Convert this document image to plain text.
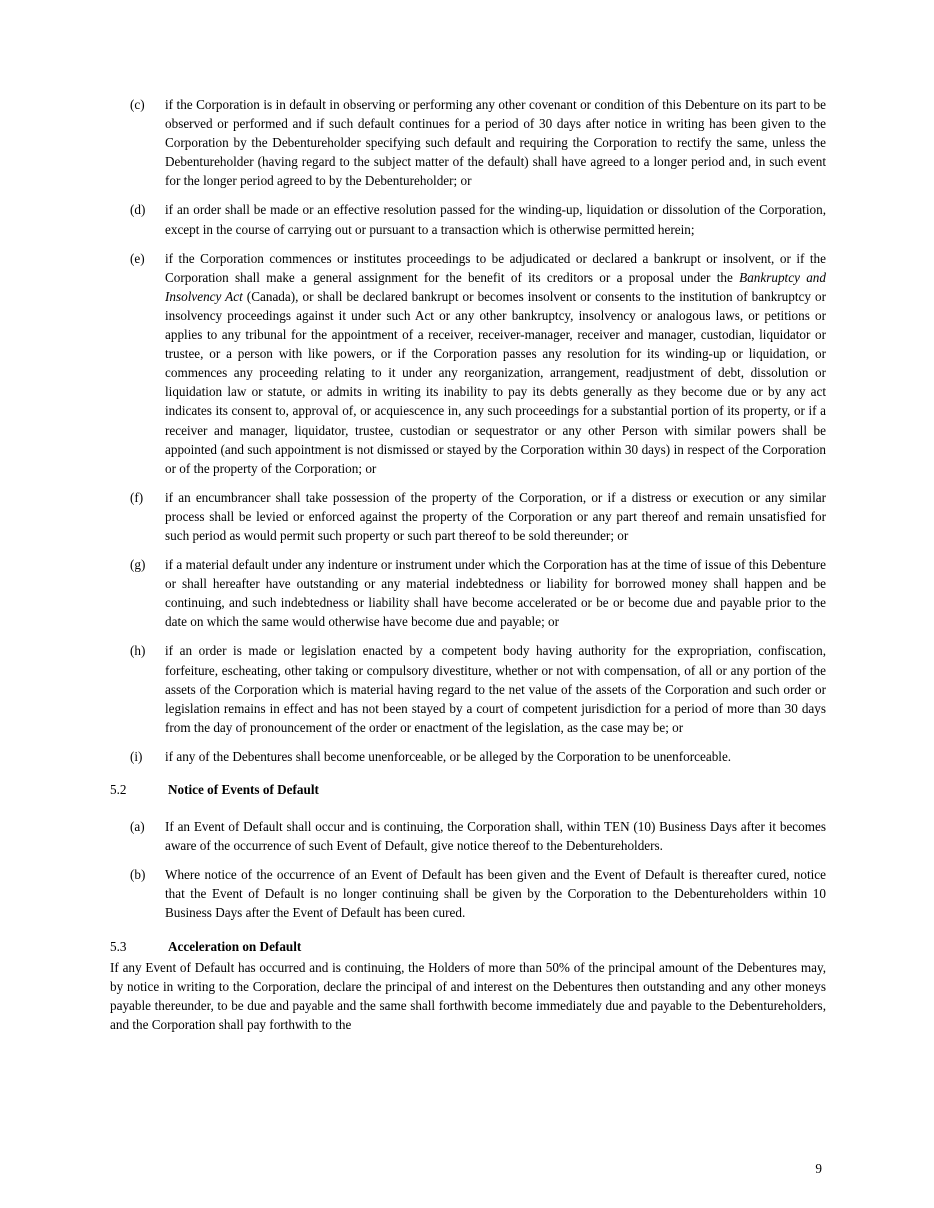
(c)	if the Corporation is in default in observing or performing any other covenant or condition of this Debenture on its part to be observed or performed and if such default continues for a period of 30 days after notice in writing has been given to the Corporation by the Debentureholder specifying such default and requiring the Corporation to rectify the same, unless the Debentureholder (having regard to the subject matter of the default) shall have agreed to a longer period and, in such event for the longer period agreed to by the Debentureholder; or

(d)	if an order shall be made or an effective resolution passed for the winding-up, liquidation or dissolution of the Corporation, except in the course of carrying out or pursuant to a transaction which is otherwise permitted herein;

(e)	if the Corporation commences or institutes proceedings to be adjudicated or declared a bankrupt or insolvent, or if the Corporation shall make a general assignment for the benefit of its creditors or a proposal under the Bankruptcy and Insolvency Act (Canada), or shall be declared bankrupt or becomes insolvent or consents to the institution of bankruptcy or insolvency proceedings against it under such Act or any other bankruptcy, insolvency or analogous laws, or petitions or applies to any tribunal for the appointment of a receiver, receiver-manager, receiver and manager, custodian, liquidator or trustee, or a person with like powers, or if the Corporation passes any resolution for its winding-up or liquidation, or commences any proceeding relating to it under any reorganization, arrangement, readjustment of debt, dissolution or liquidation law or statute, or admits in writing its inability to pay its debts generally as they become due or by any act indicates its consent to, approval of, or acquiescence in, any such proceedings for a substantial portion of its property, or if a receiver and manager, liquidator, trustee, custodian or sequestrator or any other Person with similar powers shall be appointed (and such appointment is not dismissed or stayed by the Corporation within 30 days) in respect of the Corporation or of the property of the Corporation; or

(f)	if an encumbrancer shall take possession of the property of the Corporation, or if a distress or execution or any similar process shall be levied or enforced against the property of the Corporation or any part thereof and remain unsatisfied for such period as would permit such property or such part thereof to be sold thereunder; or

(g)	if a material default under any indenture or instrument under which the Corporation has at the time of issue of this Debenture or shall hereafter have outstanding or any material indebtedness or liability for borrowed money shall happen and be continuing, and such indebtedness or liability shall have become accelerated or be or become due and payable prior to the date on which the same would otherwise have become due and payable; or

(h)	if an order is made or legislation enacted by a competent body having authority for the expropriation, confiscation, forfeiture, escheating, other taking or compulsory divestiture, whether or not with compensation, of all or any portion of the assets of the Corporation which is material having regard to the net value of the assets of the Corporation and such order or legislation remains in effect and has not been stayed by a court of competent jurisdiction for a period of more than 30 days from the day of pronouncement of the order or enactment of the legislation, as the case may be; or

(i)	if any of the Debentures shall become unenforceable, or be alleged by the Corporation to be unenforceable.

5.2	Notice of Events of Default
(a)	If an Event of Default shall occur and is continuing, the Corporation shall, within TEN (10) Business Days after it becomes aware of the occurrence of such Event of Default, give notice thereof to the Debentureholders.

(b)	Where notice of the occurrence of an Event of Default has been given and the Event of Default is thereafter cured, notice that the Event of Default is no longer continuing shall be given by the Corporation to the Debentureholders within 10 Business Days after the Event of Default has been cured.

5.3	Acceleration on Default

If any Event of Default has occurred and is continuing, the Holders of more than 50% of the principal amount of the Debentures may, by notice in writing to the Corporation, declare the principal of and interest on the Debentures then outstanding and any other moneys payable thereunder, to be due and payable and the same shall forthwith become immediately due and payable to the Debentureholders, and the Corporation shall pay forthwith to the

9
